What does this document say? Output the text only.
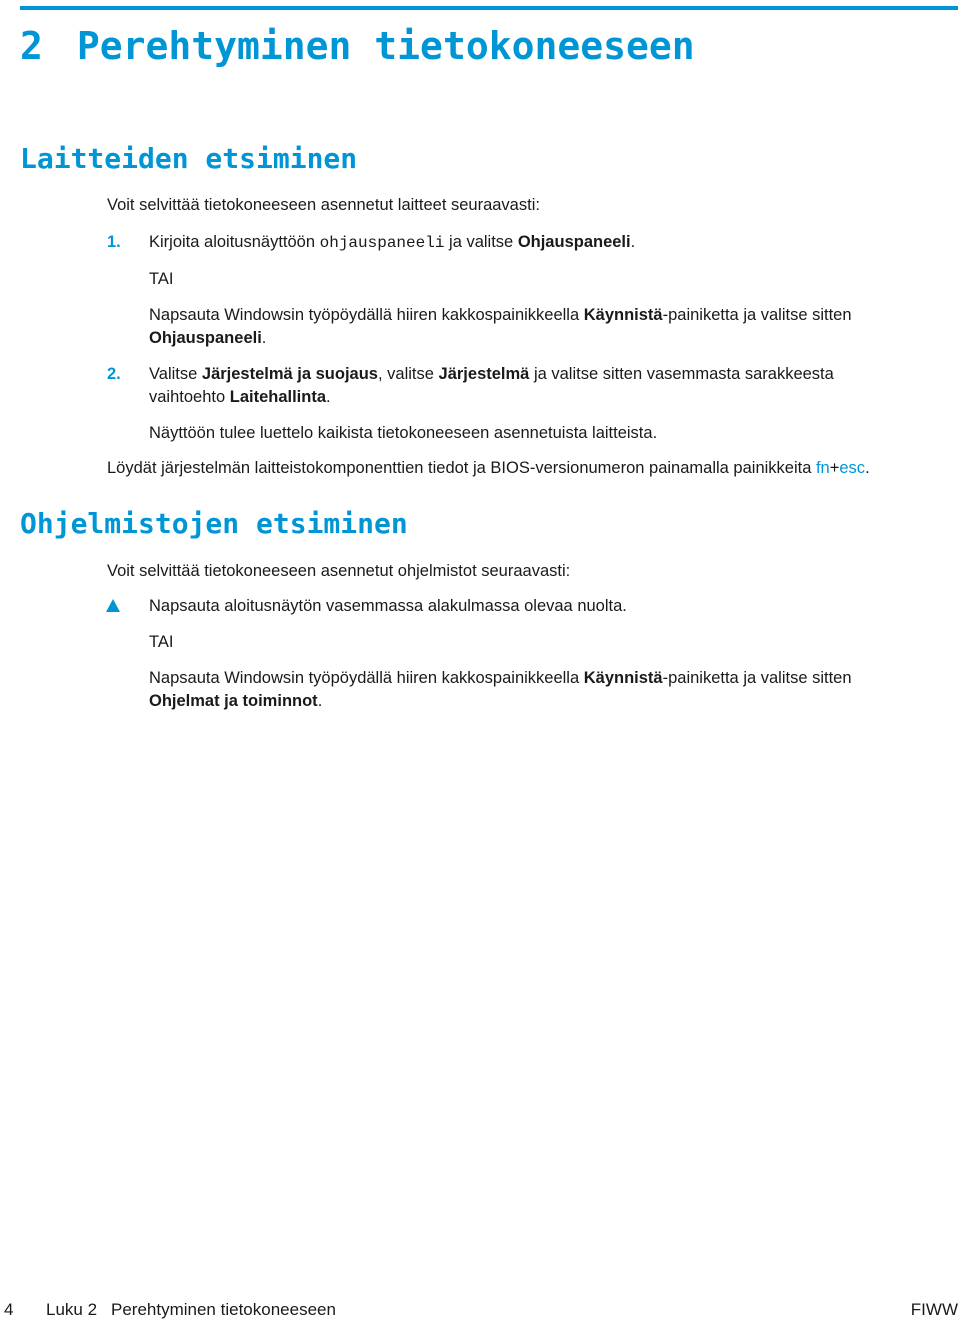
2 Perehtyminen tietokoneeseen
Laitteiden etsiminen

Voit selvittää tietokoneeseen asennetut laitteet seuraavasti:

1. Kirjoita aloitusnäyttöön ohjauspaneeli ja valitse Ohjauspaneeli.

TAI

Napsauta Windowsin työpöydällä hiiren kakkospainikkeella Käynnistä-painiketta ja valitse sitten

Ohjauspaneeli.

2. Valitse Järjestelmä ja suojaus, valitse Järjestelmä ja valitse sitten vasemmasta sarakkeesta

vaihtoehto Laitehallinta.

Näyttöön tulee luettelo kaikista tietokoneeseen asennetuista laitteista.

Löydät järjestelmän laitteistokomponenttien tiedot ja BIOS-versionumeron painamalla painikkeita fn+esc.

Ohjelmistojen etsiminen

Voit selvittää tietokoneeseen asennetut ohjelmistot seuraavasti:

Napsauta aloitusnäytön vasemmassa alakulmassa olevaa nuolta.

TAI

Napsauta Windowsin työpöydällä hiiren kakkospainikkeella Käynnistä-painiketta ja valitse sitten

Ohjelmat ja toiminnot.

4 Luku 2 Perehtyminen tietokoneeseen	FIWW
